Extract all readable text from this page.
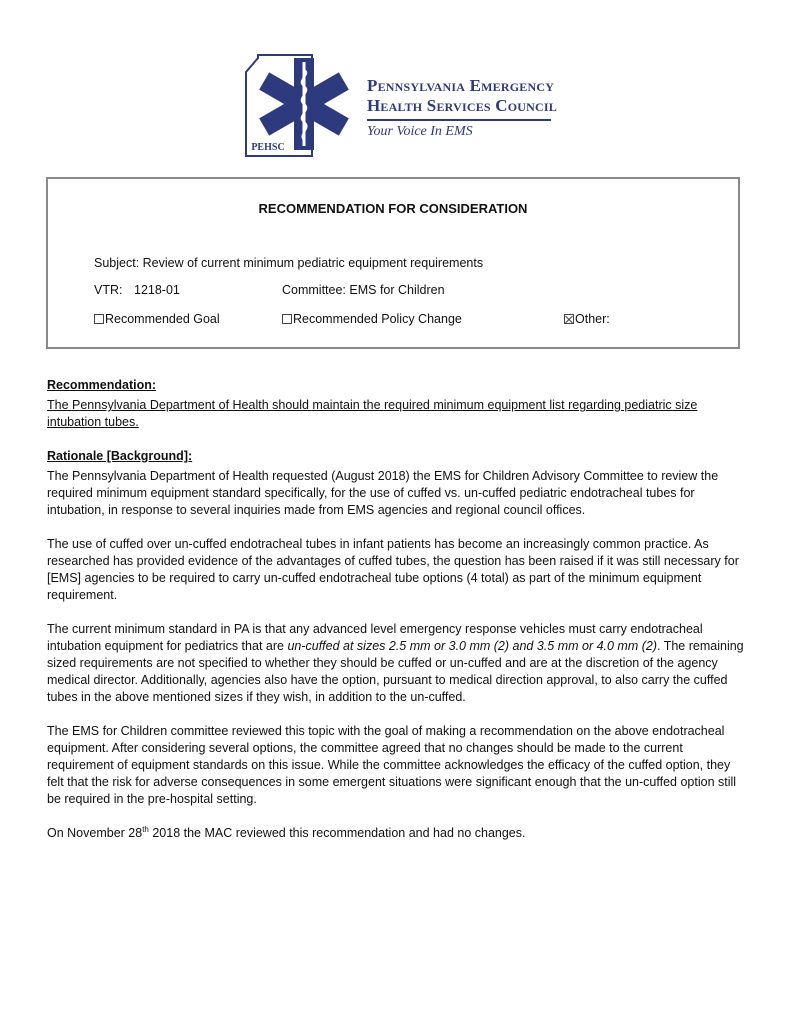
PEHSC
Pennsylvania Emergency
Health Services Council
Your Voice In EMS
RECOMMENDATION FOR CONSIDERATION
Subject: Review of current minimum pediatric equipment requirements
VTR: 1218-01	Committee: EMS for Children
Recommended Goal	Recommended Policy Change	Other:
Recommendation:
The Pennsylvania Department of Health should maintain the required minimum equipment list regarding pediatric size intubation tubes.
Rationale [Background]:

The Pennsylvania Department of Health requested (August 2018) the EMS for Children Advisory Committee to review the required minimum equipment standard specifically, for the use of cuffed vs. un-cuffed pediatric endotracheal tubes for intubation, in response to several inquiries made from EMS agencies and regional council offices.

The use of cuffed over un-cuffed endotracheal tubes in infant patients has become an increasingly common practice. As researched has provided evidence of the advantages of cuffed tubes, the question has been raised if it was still necessary for [EMS] agencies to be required to carry un-cuffed endotracheal tube options (4 total) as part of the minimum equipment requirement.

The current minimum standard in PA is that any advanced level emergency response vehicles must carry endotracheal intubation equipment for pediatrics that are un-cuffed at sizes 2.5 mm or 3.0 mm (2) and 3.5 mm or 4.0 mm (2). The remaining sized requirements are not specified to whether they should be cuffed or un-cuffed and are at the discretion of the agency medical director. Additionally, agencies also have the option, pursuant to medical direction approval, to also carry the cuffed tubes in the above mentioned sizes if they wish, in addition to the un-cuffed.

The EMS for Children committee reviewed this topic with the goal of making a recommendation on the above endotracheal equipment. After considering several options, the committee agreed that no changes should be made to the current requirement of equipment standards on this issue. While the committee acknowledges the efficacy of the cuffed option, they felt that the risk for adverse consequences in some emergent situations were significant enough that the un-cuffed option still be required in the pre-hospital setting.

On November 28th 2018 the MAC reviewed this recommendation and had no changes.
